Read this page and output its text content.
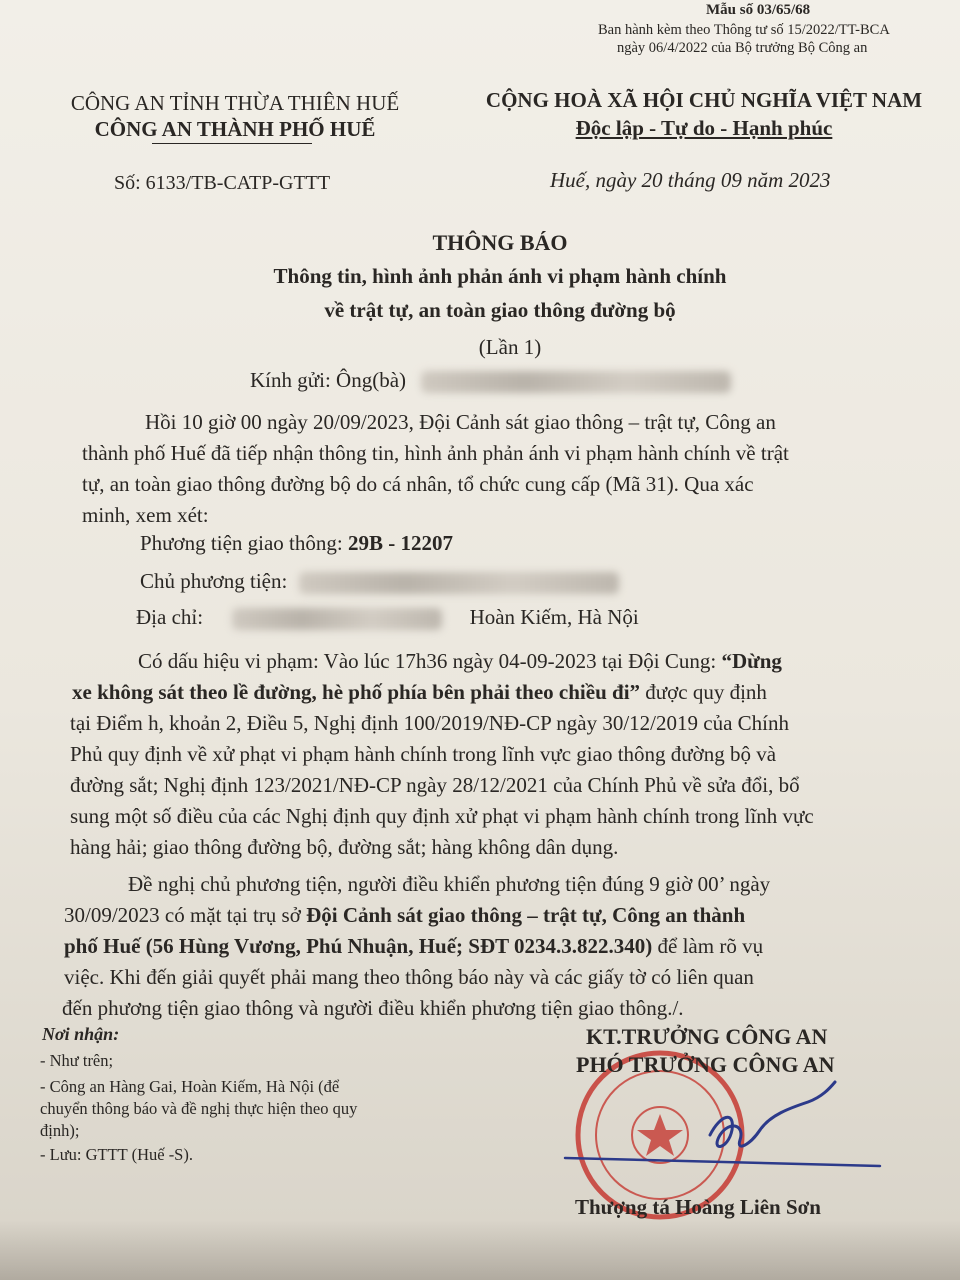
Mẫu số 03/65/68
Ban hành kèm theo Thông tư số 15/2022/TT-BCA
ngày 06/4/2022 của Bộ trưởng Bộ Công an
CÔNG AN TỈNH THỪA THIÊN HUẾ
CÔNG AN THÀNH PHỐ HUẾ
Số: 6133/TB-CATP-GTTT
CỘNG HOÀ XÃ HỘI CHỦ NGHĨA VIỆT NAM
Độc lập - Tự do - Hạnh phúc
Huế, ngày 20 tháng 09 năm 2023
THÔNG BÁO
Thông tin, hình ảnh phản ánh vi phạm hành chính
về trật tự, an toàn giao thông đường bộ
(Lần 1)
Kính gửi: Ông(bà)
Hồi 10 giờ 00 ngày 20/09/2023, Đội Cảnh sát giao thông – trật tự, Công an
thành phố Huế đã tiếp nhận thông tin, hình ảnh phản ánh vi phạm hành chính về trật
tự, an toàn giao thông đường bộ do cá nhân, tổ chức cung cấp (Mã 31). Qua xác
minh, xem xét:
Phương tiện giao thông: 29B - 12207
Chủ phương tiện:
Địa chỉ:	Hoàn Kiếm, Hà Nội
Có dấu hiệu vi phạm: Vào lúc 17h36 ngày 04-09-2023 tại Đội Cung: “Dừng
xe không sát theo lề đường, hè phố phía bên phải theo chiều đi” được quy định
tại Điểm h, khoản 2, Điều 5, Nghị định 100/2019/NĐ-CP ngày 30/12/2019 của Chính
Phủ quy định về xử phạt vi phạm hành chính trong lĩnh vực giao thông đường bộ và
đường sắt; Nghị định 123/2021/NĐ-CP ngày 28/12/2021 của Chính Phủ về sửa đổi, bổ
sung một số điều của các Nghị định quy định xử phạt vi phạm hành chính trong lĩnh vực
hàng hải; giao thông đường bộ, đường sắt; hàng không dân dụng.
Đề nghị chủ phương tiện, người điều khiển phương tiện đúng 9 giờ 00’ ngày
30/09/2023 có mặt tại trụ sở Đội Cảnh sát giao thông – trật tự, Công an thành
phố Huế (56 Hùng Vương, Phú Nhuận, Huế; SĐT 0234.3.822.340) để làm rõ vụ
việc. Khi đến giải quyết phải mang theo thông báo này và các giấy tờ có liên quan
đến phương tiện giao thông và người điều khiển phương tiện giao thông./.
Nơi nhận:
- Như trên;
- Công an Hàng Gai, Hoàn Kiếm, Hà Nội (để
chuyển thông báo và đề nghị thực hiện theo quy
định);
- Lưu: GTTT (Huế -S).
KT.TRƯỞNG CÔNG AN
PHÓ TRƯỞNG CÔNG AN
Thượng tá Hoàng Liên Sơn
